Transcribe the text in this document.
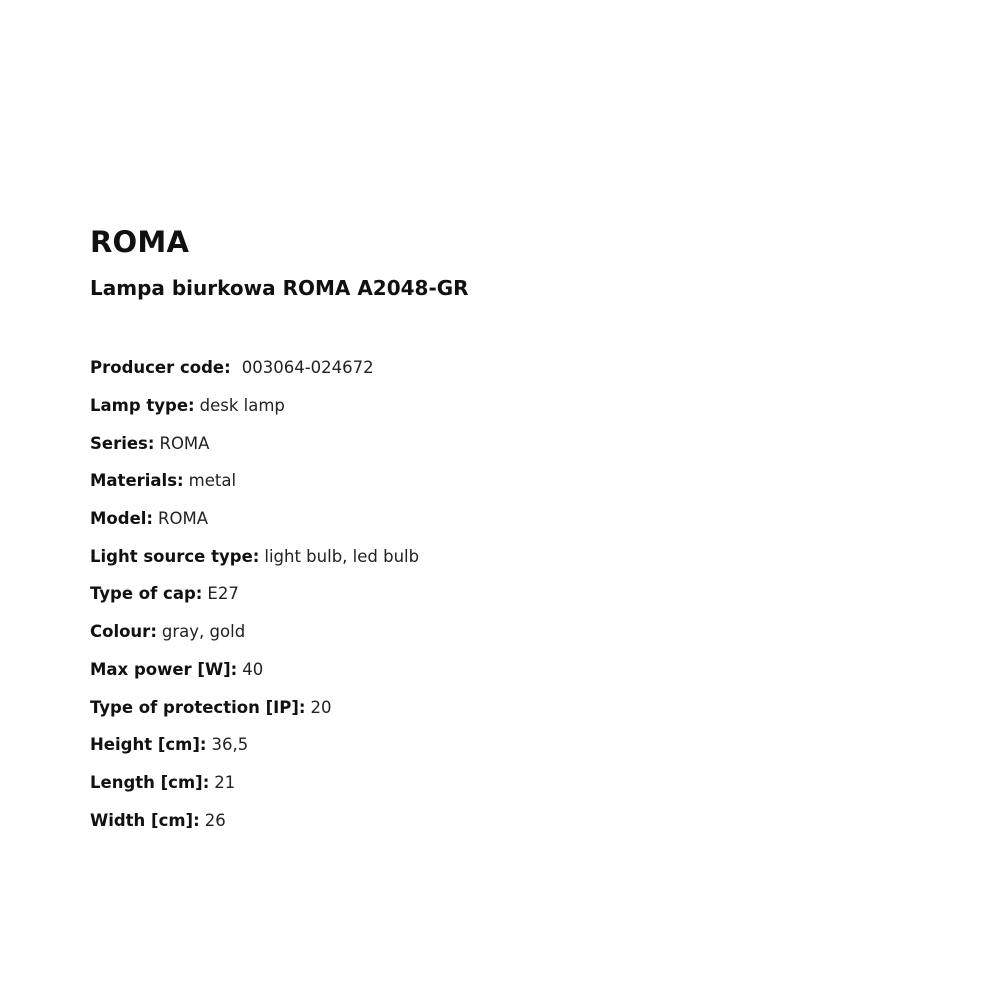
ROMA
Lampa biurkowa ROMA A2048-GR
Producer code: 003064-024672
Lamp type: desk lamp
Series: ROMA
Materials: metal
Model: ROMA
Light source type: light bulb, led bulb
Type of cap: E27
Colour: gray, gold
Max power [W]: 40
Type of protection [IP]: 20
Height [cm]: 36,5
Length [cm]: 21
Width [cm]: 26
